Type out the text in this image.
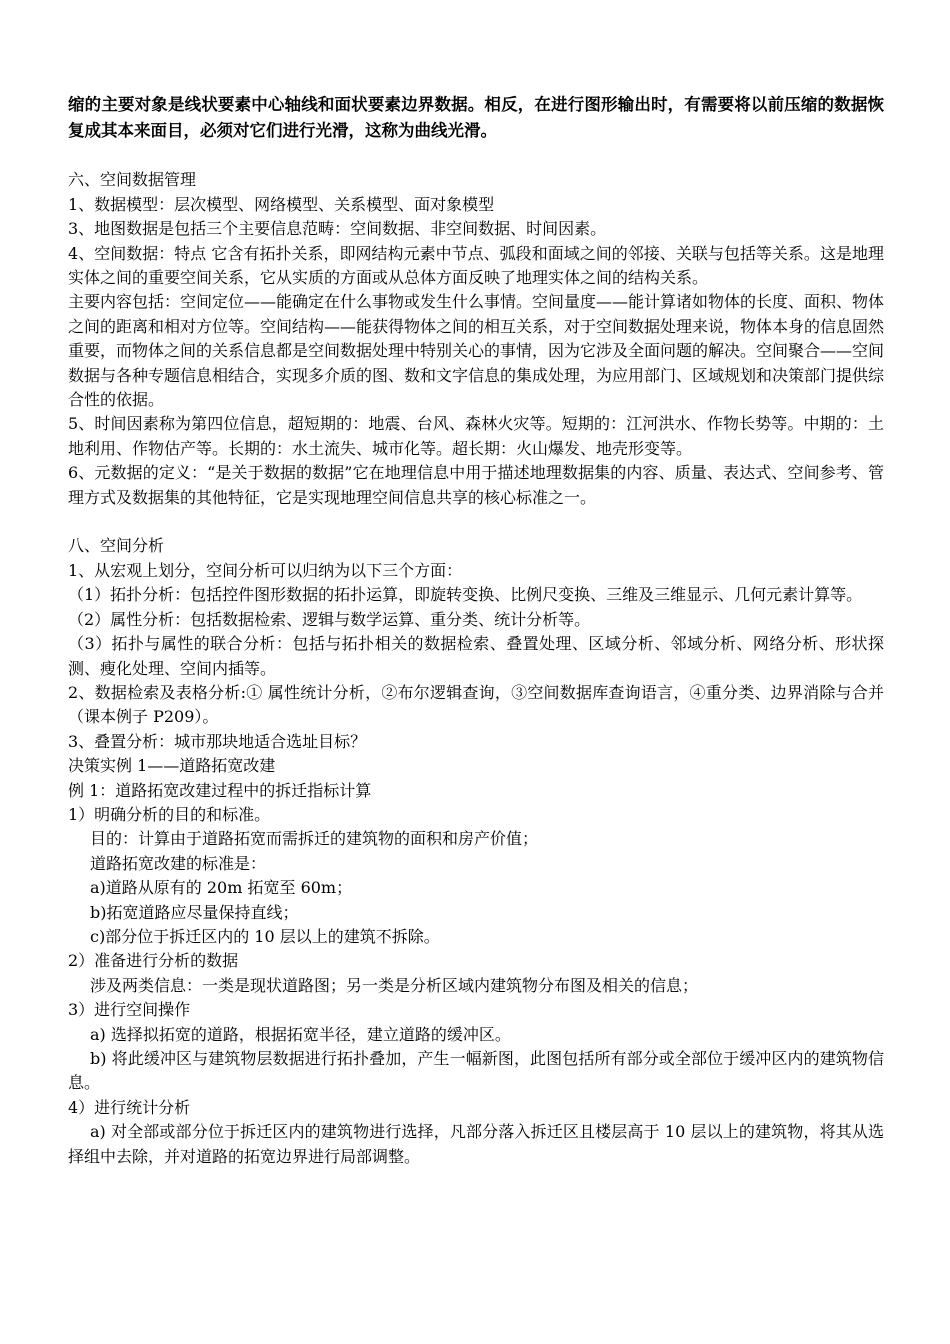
缩的主要对象是线状要素中心轴线和面状要素边界数据。相反，在进行图形输出时，有需要将以前压缩的数据恢复成其本来面目，必须对它们进行光滑，这称为曲线光滑。

六、空间数据管理

1、数据模型：层次模型、网络模型、关系模型、面对象模型

3、地图数据是包括三个主要信息范畴：空间数据、非空间数据、时间因素。

4、空间数据：特点 它含有拓扑关系，即网结构元素中节点、弧段和面域之间的邻接、关联与包括等关系。这是地理实体之间的重要空间关系，它从实质的方面或从总体方面反映了地理实体之间的结构关系。

主要内容包括：空间定位——能确定在什么事物或发生什么事情。空间量度——能计算诸如物体的长度、面积、物体之间的距离和相对方位等。空间结构——能获得物体之间的相互关系，对于空间数据处理来说，物体本身的信息固然重要，而物体之间的关系信息都是空间数据处理中特别关心的事情，因为它涉及全面问题的解决。空间聚合——空间数据与各种专题信息相结合，实现多介质的图、数和文字信息的集成处理，为应用部门、区域规划和决策部门提供综合性的依据。

5、时间因素称为第四位信息，超短期的：地震、台风、森林火灾等。短期的：江河洪水、作物长势等。中期的：土地利用、作物估产等。长期的：水土流失、城市化等。超长期：火山爆发、地壳形变等。

6、元数据的定义：“是关于数据的数据”它在地理信息中用于描述地理数据集的内容、质量、表达式、空间参考、管理方式及数据集的其他特征，它是实现地理空间信息共享的核心标准之一。

八、空间分析

1、从宏观上划分，空间分析可以归纳为以下三个方面：

（1）拓扑分析：包括控件图形数据的拓扑运算，即旋转变换、比例尺变换、三维及三维显示、几何元素计算等。

（2）属性分析：包括数据检索、逻辑与数学运算、重分类、统计分析等。

（3）拓扑与属性的联合分析：包括与拓扑相关的数据检索、叠置处理、区域分析、邻域分析、网络分析、形状探测、瘦化处理、空间内插等。

2、数据检索及表格分析:① 属性统计分析，②布尔逻辑查询，③空间数据库查询语言，④重分类、边界消除与合并（课本例子 P209）。

3、叠置分析：城市那块地适合选址目标？

决策实例 1——道路拓宽改建

例 1：道路拓宽改建过程中的拆迁指标计算

1）明确分析的目的和标准。

目的：计算由于道路拓宽而需拆迁的建筑物的面积和房产价值；

道路拓宽改建的标准是：

a)道路从原有的 20m 拓宽至 60m；

b)拓宽道路应尽量保持直线；

c)部分位于拆迁区内的 10 层以上的建筑不拆除。

2）准备进行分析的数据

涉及两类信息：一类是现状道路图；另一类是分析区域内建筑物分布图及相关的信息；

3）进行空间操作

a) 选择拟拓宽的道路，根据拓宽半径，建立道路的缓冲区。

b) 将此缓冲区与建筑物层数据进行拓扑叠加，产生一幅新图，此图包括所有部分或全部位于缓冲区内的建筑物信息。

4）进行统计分析

a) 对全部或部分位于拆迁区内的建筑物进行选择，凡部分落入拆迁区且楼层高于 10 层以上的建筑物，将其从选择组中去除，并对道路的拓宽边界进行局部调整。
